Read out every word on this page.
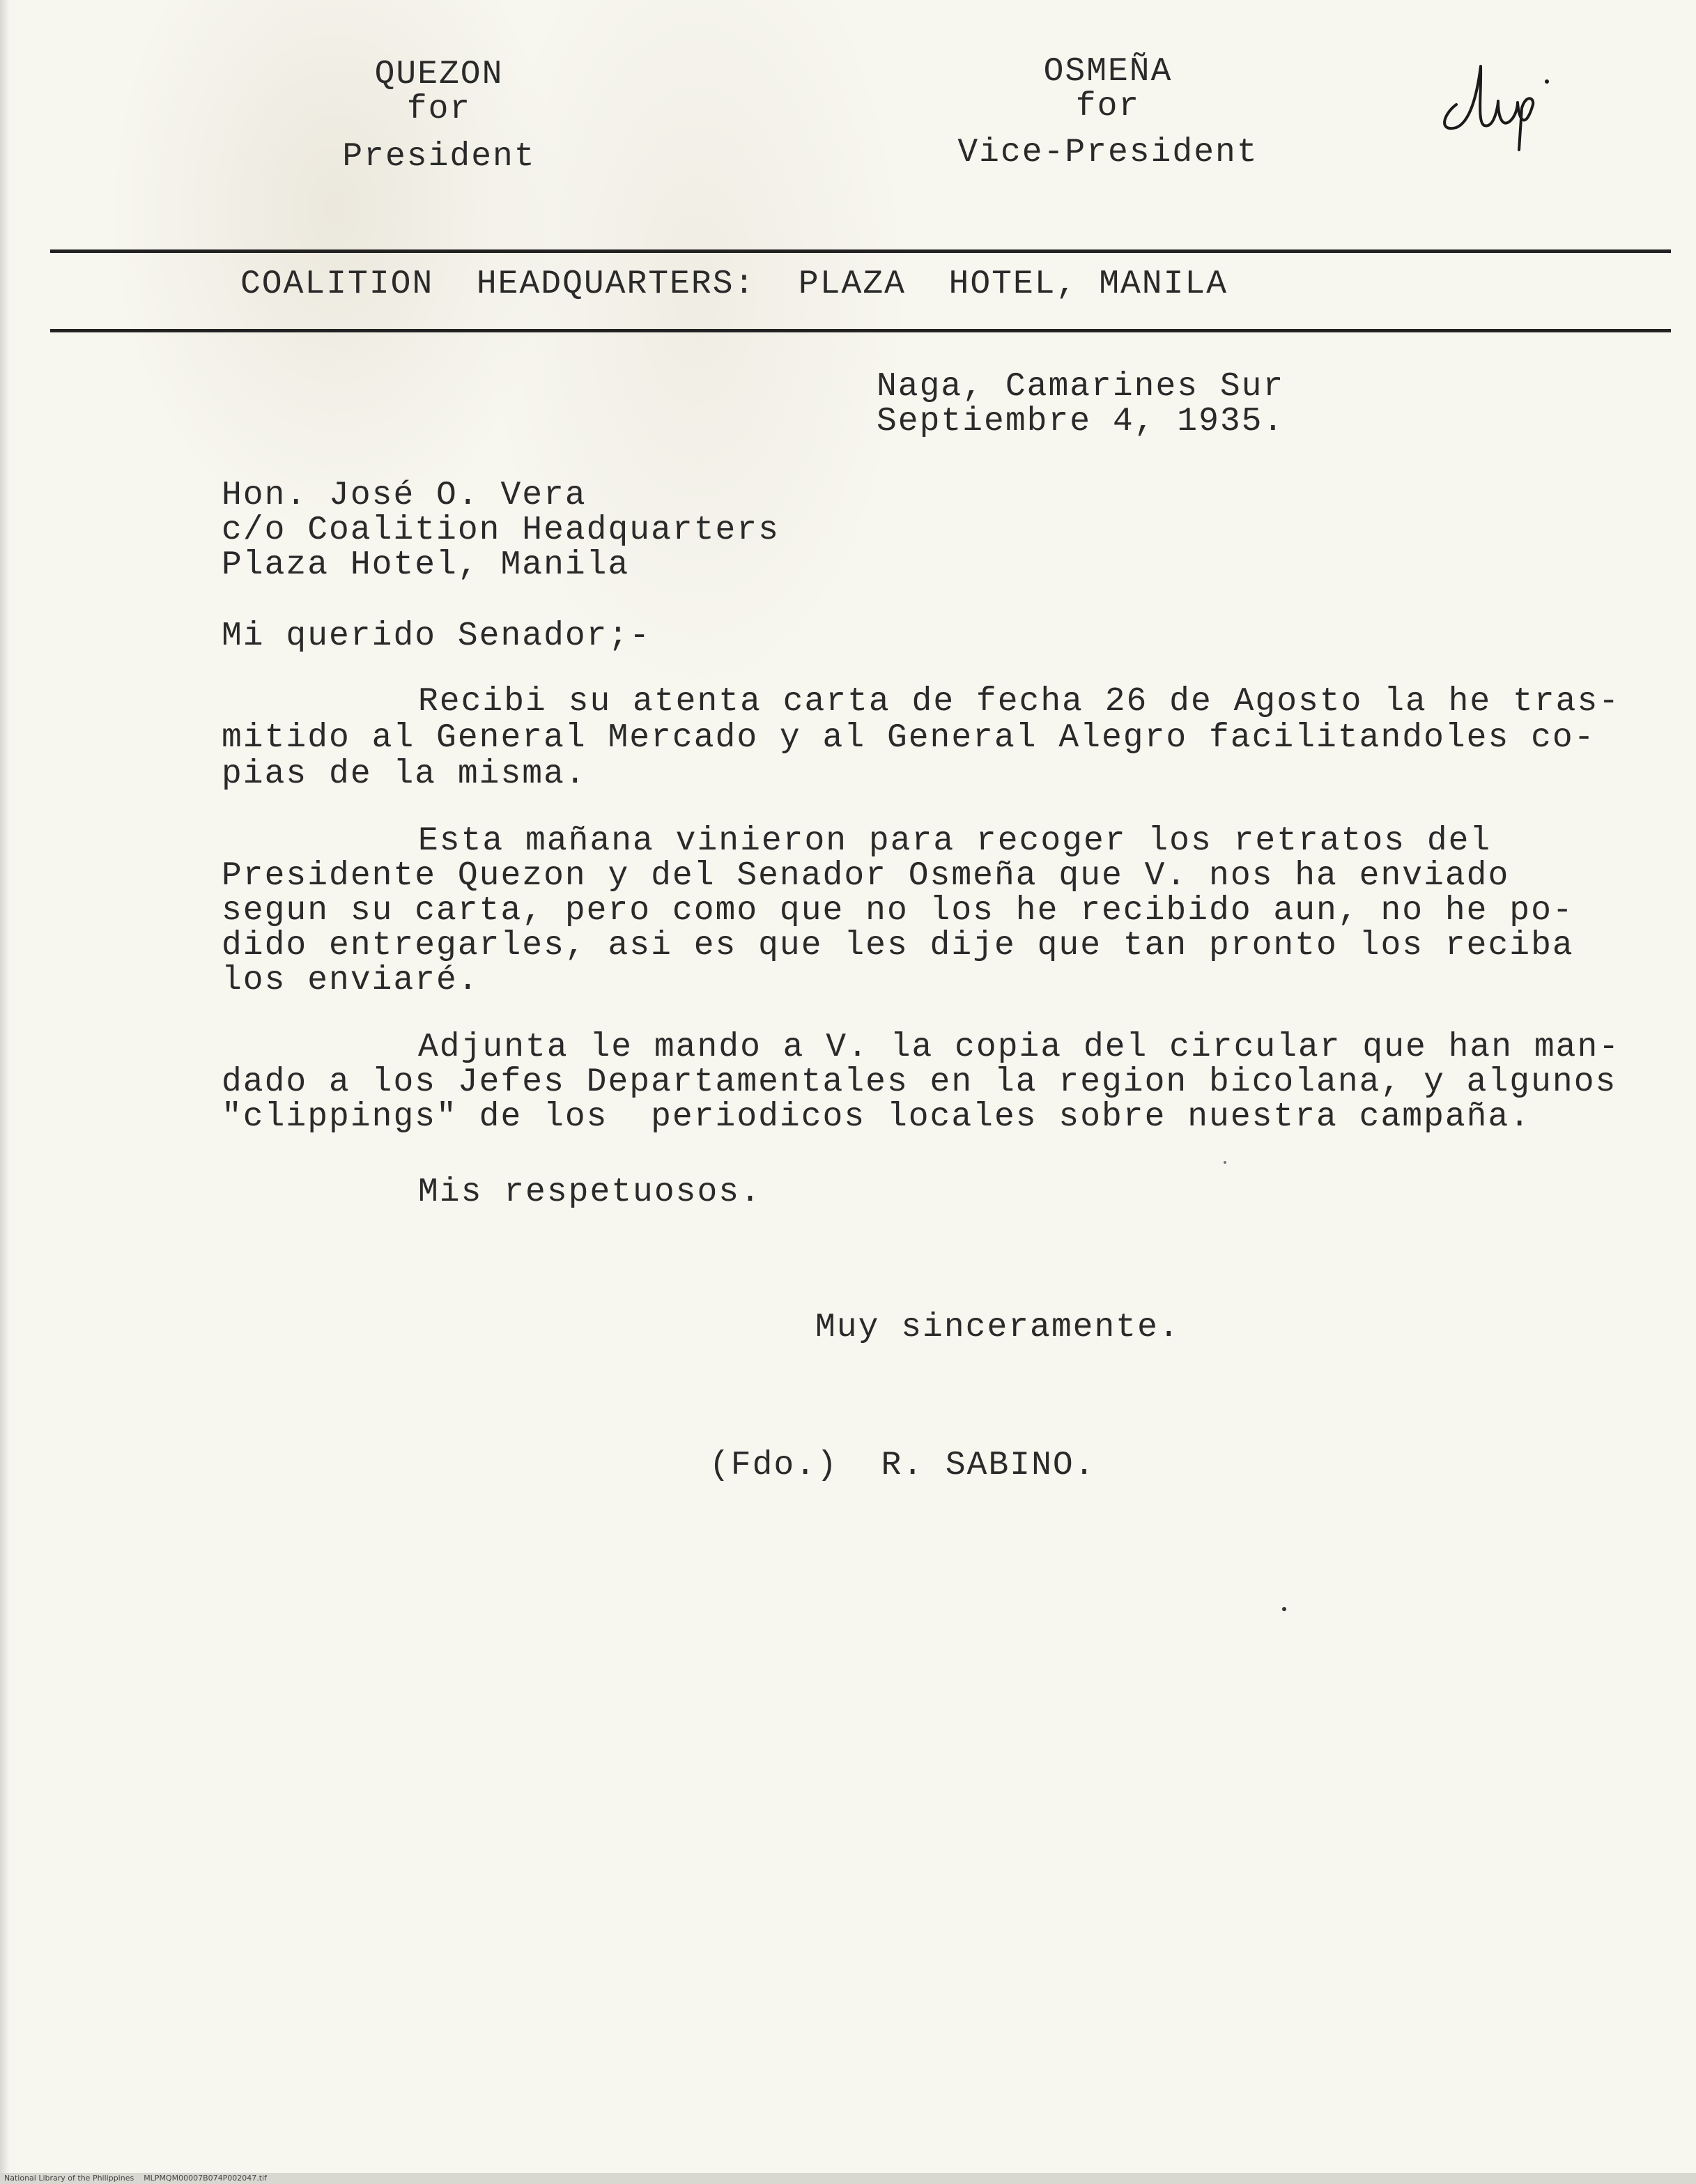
QUEZON
for
President
OSMEÑA
for
Vice-President
COALITION  HEADQUARTERS:  PLAZA  HOTEL, MANILA
Naga, Camarines Sur
Septiembre 4, 1935.
Hon. José O. Vera
c/o Coalition Headquarters
Plaza Hotel, Manila
Mi querido Senador;-
Recibi su atenta carta de fecha 26 de Agosto la he tras-
mitido al General Mercado y al General Alegro facilitandoles co-
pias de la misma.
Esta mañana vinieron para recoger los retratos del
Presidente Quezon y del Senador Osmeña que V. nos ha enviado
segun su carta, pero como que no los he recibido aun, no he po-
dido entregarles, asi es que les dije que tan pronto los reciba
los enviaré.
Adjunta le mando a V. la copia del circular que han man-
dado a los Jefes Departamentales en la region bicolana, y algunos
"clippings" de los  periodicos locales sobre nuestra campaña.
Mis respetuosos.
Muy sinceramente.
(Fdo.)  R. SABINO.
National Library of the Philippines    MLPMQM00007B074P002047.tif
